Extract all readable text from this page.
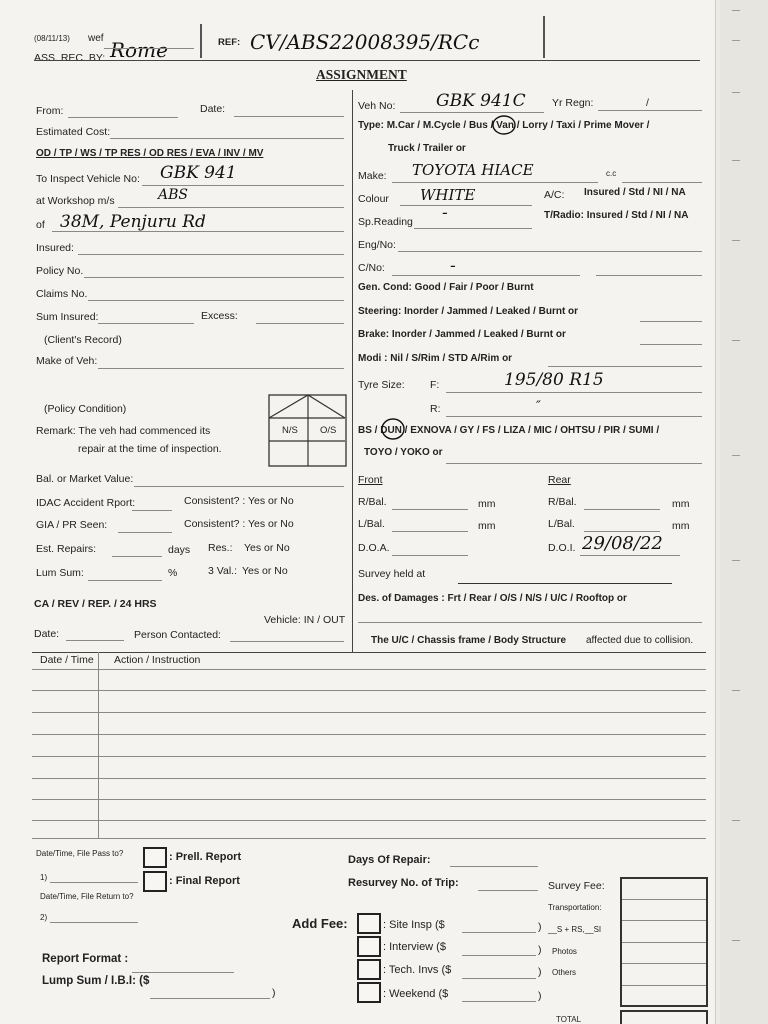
(08/11/13) wef
ASS. REC. BY: Rome	REF: CV/ABS22008395/RCc
ASSIGNMENT
From:	Date:
Estimated Cost:
OD / TP / WS / TP RES / OD RES / EVA / INV / MV
To Inspect Vehicle No: GBK 941
at Workshop m/s	ABS
of 38M, Penjuru Rd
Insured:
Policy No.
Claims No.
Sum Insured:	Excess:
(Client's Record)
Make of Veh:
N/S O/S
(Policy Condition)
Remark: The veh had commenced its
repair at the time of inspection.
Bal. or Market Value:
IDAC Accident Rport:	Consistent? : Yes or No
GIA / PR Seen:	Consistent? : Yes or No
Est. Repairs:	days Res.: Yes or No
Lum Sum:	%	3 Val.: Yes or No
CA / REV / REP. / 24 HRS
Vehicle: IN / OUT
Date:	Person Contacted:
Veh No: GBK 941C	Yr Regn:	/
Type: M.Car / M.Cycle / Bus / Van / Lorry / Taxi / Prime Mover /
Truck / Trailer or
Make: TOYOTA HIACE	c.c
Colour WHITE	A/C: Insured / Std / NI / NA
Sp.Reading -	T/Radio: Insured / Std / NI / NA
Eng/No:
C/No:	-
Gen. Cond: Good / Fair / Poor / Burnt
Steering: Inorder / Jammed / Leaked / Burnt or
Brake: Inorder / Jammed / Leaked / Burnt or
Modi : Nil / S/Rim / STD A/Rim or
Tyre Size: F:	195/80 R15
R:	″
BS / DUN / EXNOVA / GY / FS / LIZA / MIC / OHTSU / PIR / SUMI /
TOYO / YOKO or
Front	Rear
R/Bal.	mm	R/Bal.	mm
L/Bal.	mm	L/Bal.	mm
D.O.A.	D.O.I. 29/08/22
Survey held at
Des. of Damages : Frt / Rear / O/S / N/S / U/C / Rooftop or
The U/C / Chassis frame / Body Structure affected due to collision.
Date / Time Action / Instruction
Date/Time, File Pass to?
1)
Date/Time, File Return to?
2)
: Prell. Report
: Final Report
Days Of Repair:
Resurvey No. of Trip:	Survey Fee:
Transportation:
__S + RS,__SI
Photos
Others
TOTAL
Add Fee:	: Site Insp ($	)
: Interview ($	)
: Tech. Invs ($	)
: Weekend ($	)
Report Format :
Lump Sum / I.B.I: ($
)
